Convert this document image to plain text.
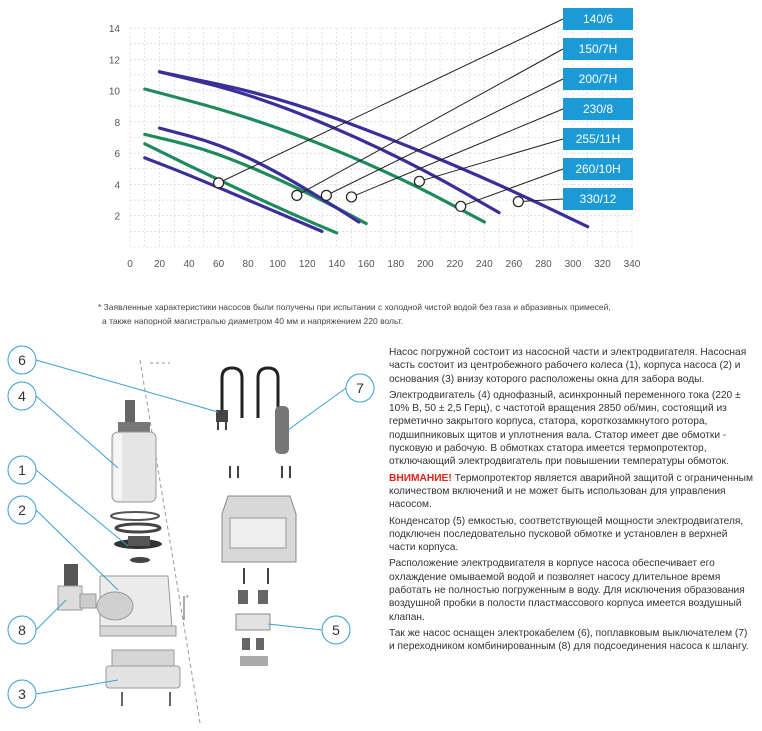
0 20 40 60 80 100 120 140 160 180 200 220 240 260 280 300 320 340
2
4
6
8
10
12
14
140/6
150/7H
200/7H
230/8
255/11H
260/10H
330/12
* Заявленные характеристики насосов были получены при испытании с холодной чистой водой без газа и абразивных примесей,
а также напорной магистралью диаметром 40 мм и напряжением 220 вольт.
*
6
4
1
2
8
3
7
5

Насос погружной состоит из насосной части и электродвигателя. Насосная часть состоит из центробежного рабочего колеса (1), корпуса насоса (2) и основания (3) внизу которого расположены окна для забора воды.

Электродвигатель (4) однофазный, асинхронный переменного тока (220 ± 10% В, 50 ± 2,5 Герц), с частотой вращения 2850 об/мин, состоящий из герметично закрытого корпуса, статора, короткозамкнутого ротора, подшипниковых щитов и уплотнения вала. Статор имеет две обмотки - пусковую и рабочую. В обмотках статора имеется термопротектор, отключающий электродвигатель при повышении температуры обмоток.

ВНИМАНИЕ! Термопротектор является аварийной защитой с ограниченным количеством включений и не может быть использован для управления насосом.

Конденсатор (5) емкостью, соответствующей мощности электродвигателя, подключен последовательно пусковой обмотке и установлен в верхней части корпуса.

Расположение электродвигателя в корпусе насоса обеспечивает его охлаждение омываемой водой и позволяет насосу длительное время работать не полностью погруженным в воду. Для исключения образования воздушной пробки в полости пластмассового корпуса имеется воздушный клапан.

Так же насос оснащен электрокабелем (6), поплавковым выключателем (7) и переходником комбинированным (8) для подсоединения насоса к шлангу.
